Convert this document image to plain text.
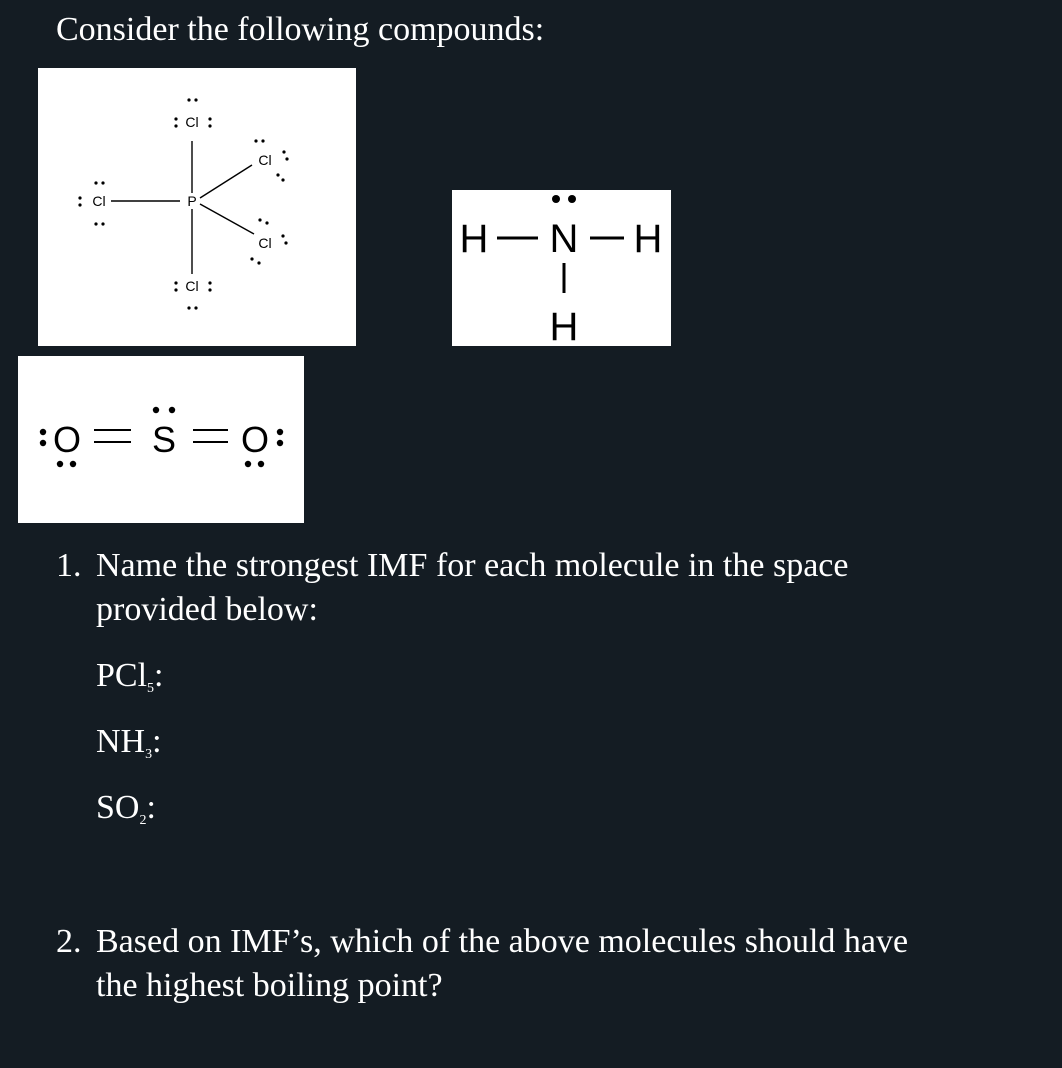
Consider the following compounds:
P
Cl
Cl
Cl
Cl
Cl	H N H
H
O S O
1. Name the strongest IMF for each molecule in the space
provided below:
PCl$_5$:
$NH_3$:
$SO_2$:
2. Based on IMF’s, which of the above molecules should have
the highest boiling point?
